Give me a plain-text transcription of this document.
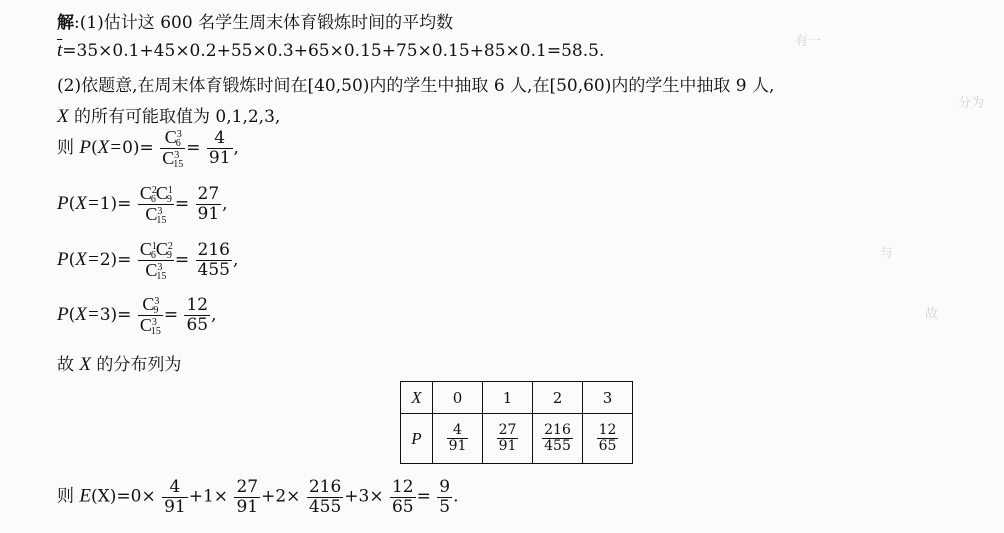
有一
分为
与
故
解:(1)估计这 600 名学生周末体育锻炼时间的平均数
$\overline{t}=35\times 0.1+45\times 0.2+55\times 0.3+65\times 0.15+75\times 0.15+85\times 0.1=58.5$.
(2)依题意,在周末体育锻炼时间在[40,50)内的学生中抽取 6 人,在[50,60)内的学生中抽取 9 人,
X 的所有可能取值为 0,1,2,3,
则 $P(X=0)= \frac{C^3_6}{C^3_{15}} = \frac{4}{91}$ ,
$P(X=1)= \frac{C^2_6C^1_9}{C^3_{15}} = \frac{27}{91}$ ,
$P(X=2)= \frac{C^1_6C^2_9}{C^3_{15}} = \frac{216}{455}$ ,
$P(X=3)= \frac{C^3_9}{C^3_{15}} = \frac{12}{65}$ ,
故 X 的分布列为
X	0	1	2	3
P	$\frac{4}{91}$	$\frac{27}{91}$	$\frac{216}{455}$	$\frac{12}{65}$
则 $E(X)=0\times \frac{4}{91} +1\times \frac{27}{91} +2\times \frac{216}{455} +3\times \frac{12}{65} = \frac{9}{5}$ .
